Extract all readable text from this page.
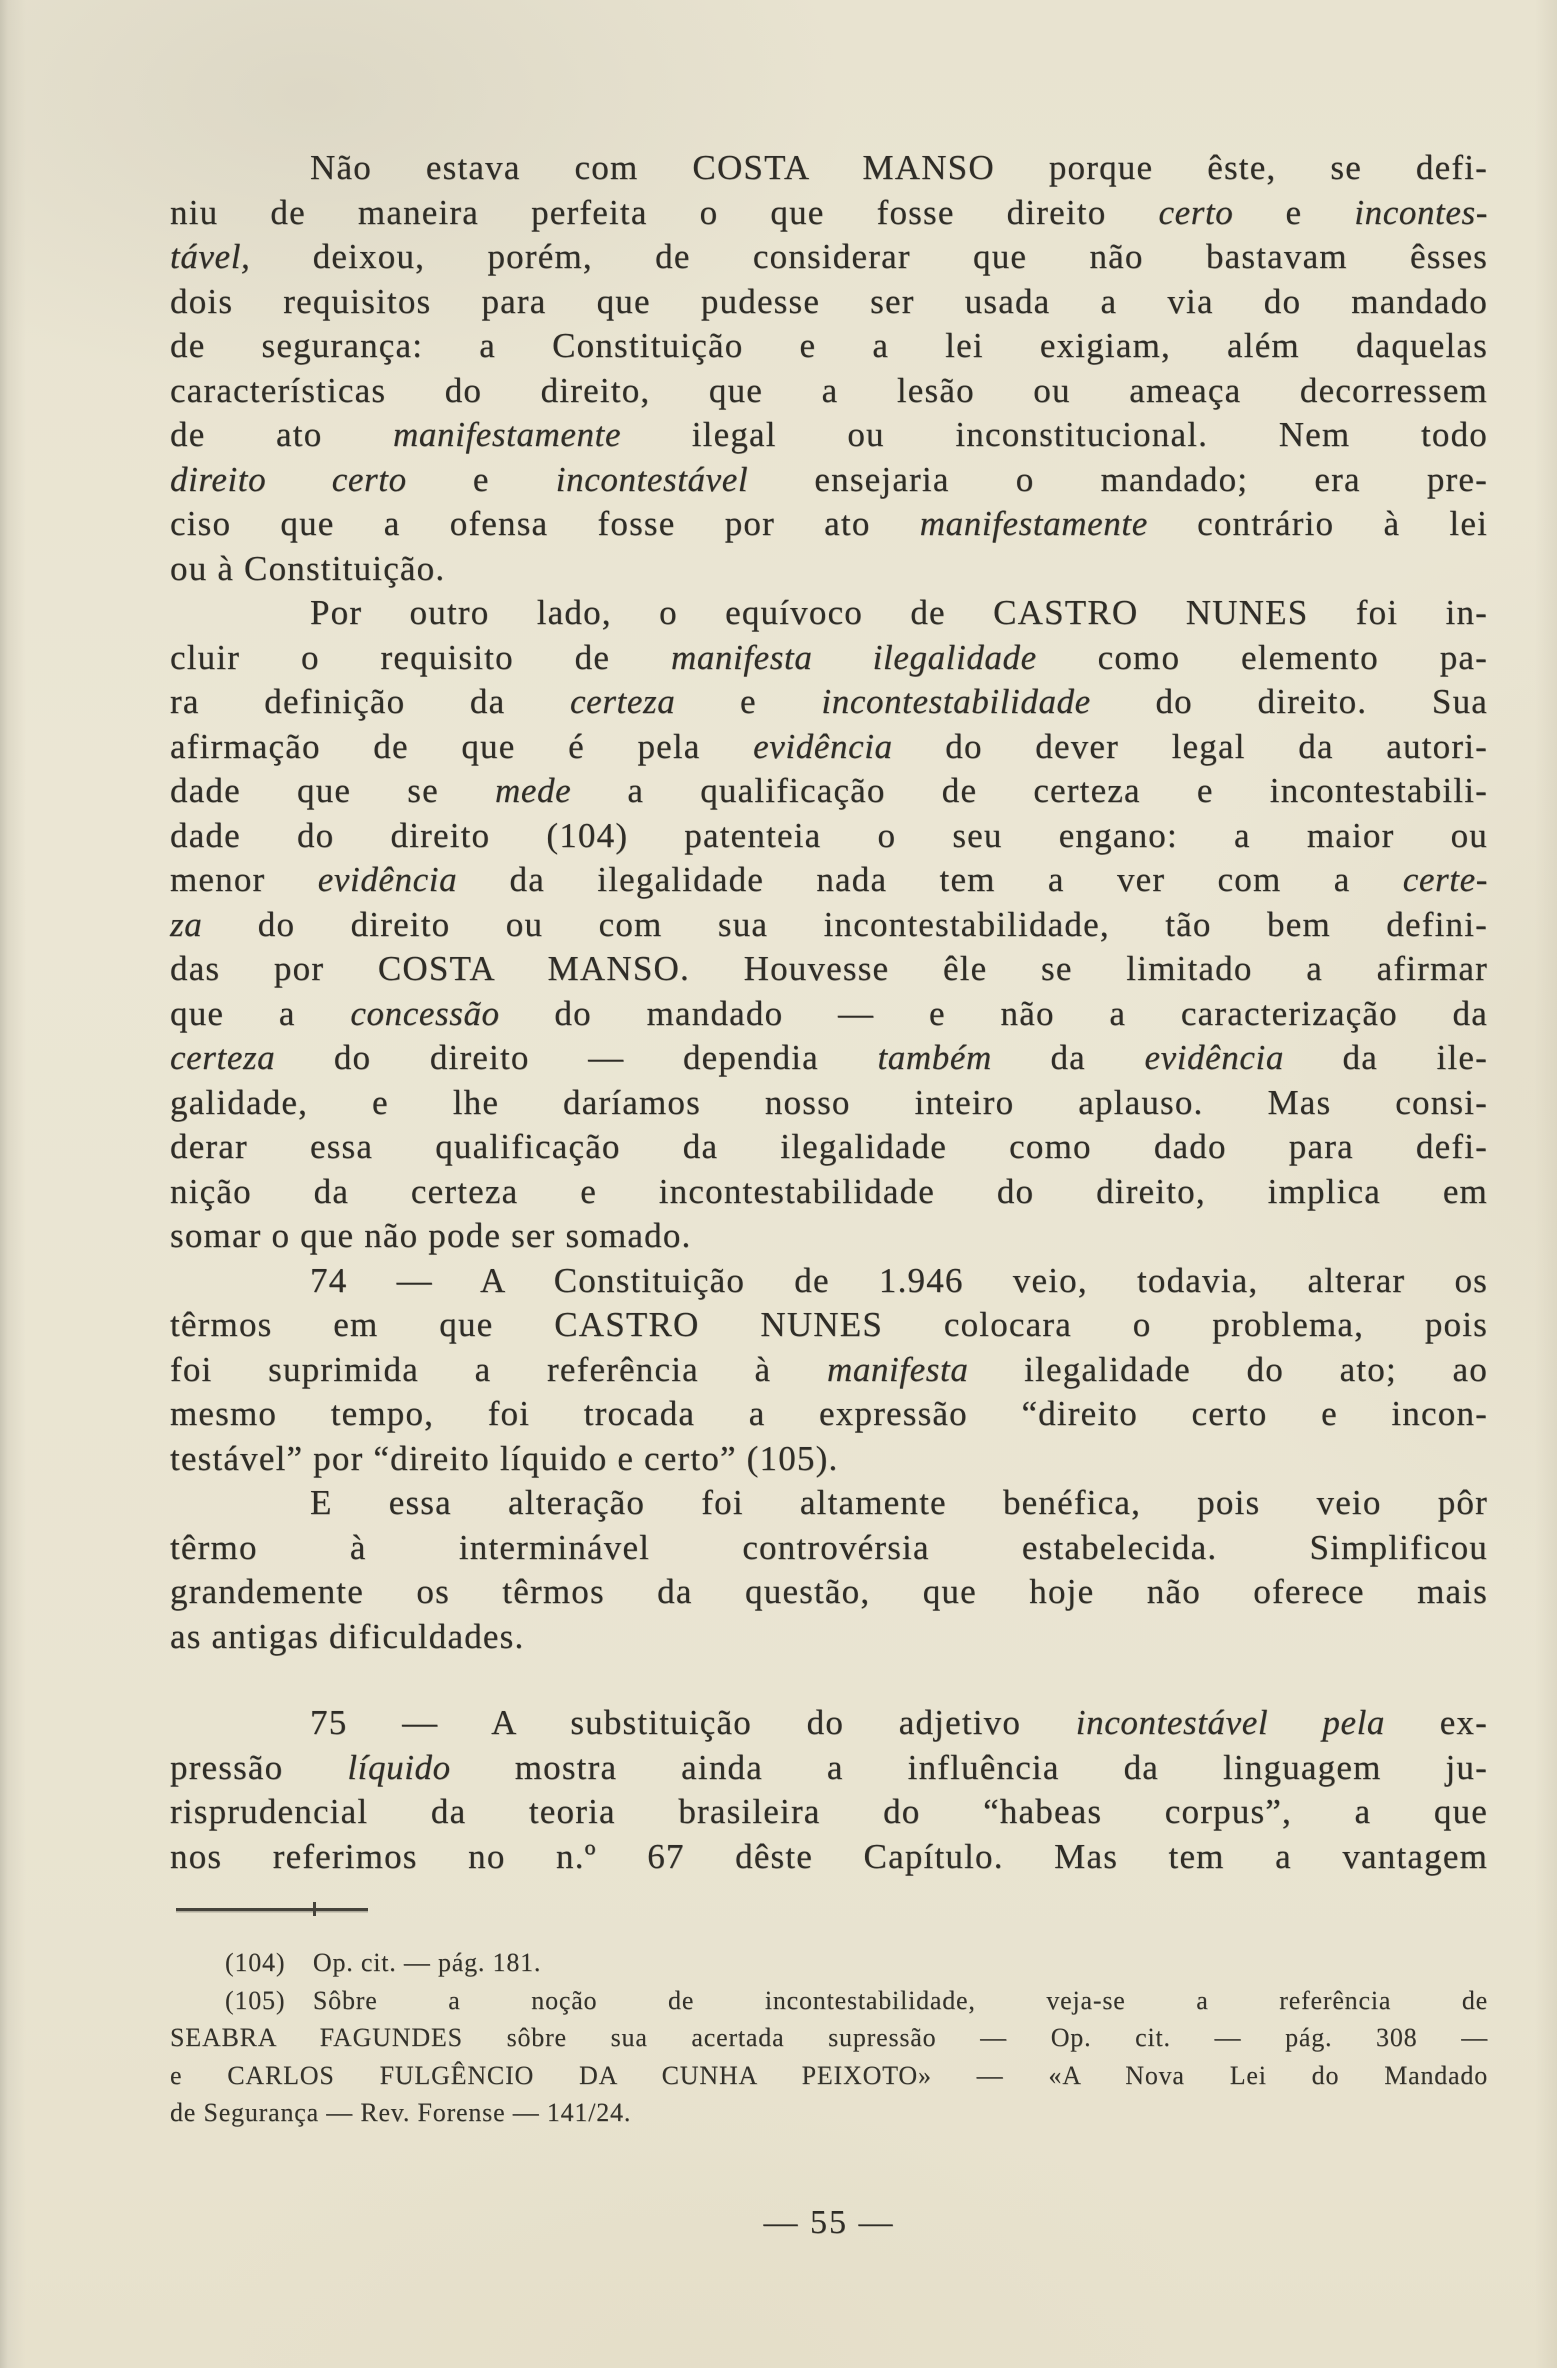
Não estava com COSTA MANSO porque êste, se defi-
niu de maneira perfeita o que fosse direito certo e incontes-
tável, deixou, porém, de considerar que não bastavam êsses
dois requisitos para que pudesse ser usada a via do mandado
de segurança: a Constituição e a lei exigiam, além daquelas
características do direito, que a lesão ou ameaça decorressem
de ato manifestamente ilegal ou inconstitucional. Nem todo
direito certo e incontestável ensejaria o mandado; era pre-
ciso que a ofensa fosse por ato manifestamente contrário à lei
ou à Constituição.
Por outro lado, o equívoco de CASTRO NUNES foi in-
cluir o requisito de manifesta ilegalidade como elemento pa-
ra definição da certeza e incontestabilidade do direito. Sua
afirmação de que é pela evidência do dever legal da autori-
dade que se mede a qualificação de certeza e incontestabili-
dade do direito (104) patenteia o seu engano: a maior ou
menor evidência da ilegalidade nada tem a ver com a certe-
za do direito ou com sua incontestabilidade, tão bem defini-
das por COSTA MANSO. Houvesse êle se limitado a afirmar
que a concessão do mandado — e não a caracterização da
certeza do direito — dependia também da evidência da ile-
galidade, e lhe daríamos nosso inteiro aplauso. Mas consi-
derar essa qualificação da ilegalidade como dado para defi-
nição da certeza e incontestabilidade do direito, implica em
somar o que não pode ser somado.
74 — A Constituição de 1.946 veio, todavia, alterar os
têrmos em que CASTRO NUNES colocara o problema, pois
foi suprimida a referência à manifesta ilegalidade do ato; ao
mesmo tempo, foi trocada a expressão “direito certo e incon-
testável” por “direito líquido e certo” (105).
E essa alteração foi altamente benéfica, pois veio pôr
têrmo à interminável controvérsia estabelecida. Simplificou
grandemente os têrmos da questão, que hoje não oferece mais
as antigas dificuldades.
75 — A substituição do adjetivo incontestável pela ex-
pressão líquido mostra ainda a influência da linguagem ju-
risprudencial da teoria brasileira do “habeas corpus”, a que
nos referimos no n.º 67 dêste Capítulo. Mas tem a vantagem
(104)  Op. cit. — pág. 181.
(105)  Sôbre a noção de incontestabilidade, veja-se a referência de
SEABRA FAGUNDES sôbre sua acertada supressão — Op. cit. — pág. 308 —
e CARLOS FULGÊNCIO DA CUNHA PEIXOTO» — «A Nova Lei do Mandado
de Segurança — Rev. Forense — 141/24.
— 55 —
